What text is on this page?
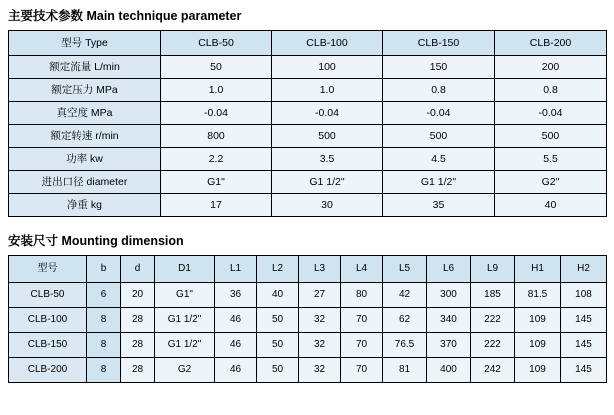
主要技术参数 Main technique parameter
型号 Type	CLB-50	CLB-100	CLB-150	CLB-200
额定流量 L/min	50	100	150	200
额定压力 MPa	1.0	1.0	0.8	0.8
真空度 MPa	-0.04	-0.04	-0.04	-0.04
额定转速 r/min	800	500	500	500
功率 kw	2.2	3.5	4.5	5.5
进出口径 diameter	G1"	G1 1/2"	G1 1/2"	G2"
净重 kg	17	30	35	40
安装尺寸 Mounting dimension
型号	b	d	D1	L1	L2	L3	L4	L5	L6	L9	H1	H2
CLB-50	6	20	G1"	36	40	27	80	42	300	185	81.5	108
CLB-100	8	28	G1 1/2"	46	50	32	70	62	340	222	109	145
CLB-150	8	28	G1 1/2"	46	50	32	70	76.5	370	222	109	145
CLB-200	8	28	G2	46	50	32	70	81	400	242	109	145
